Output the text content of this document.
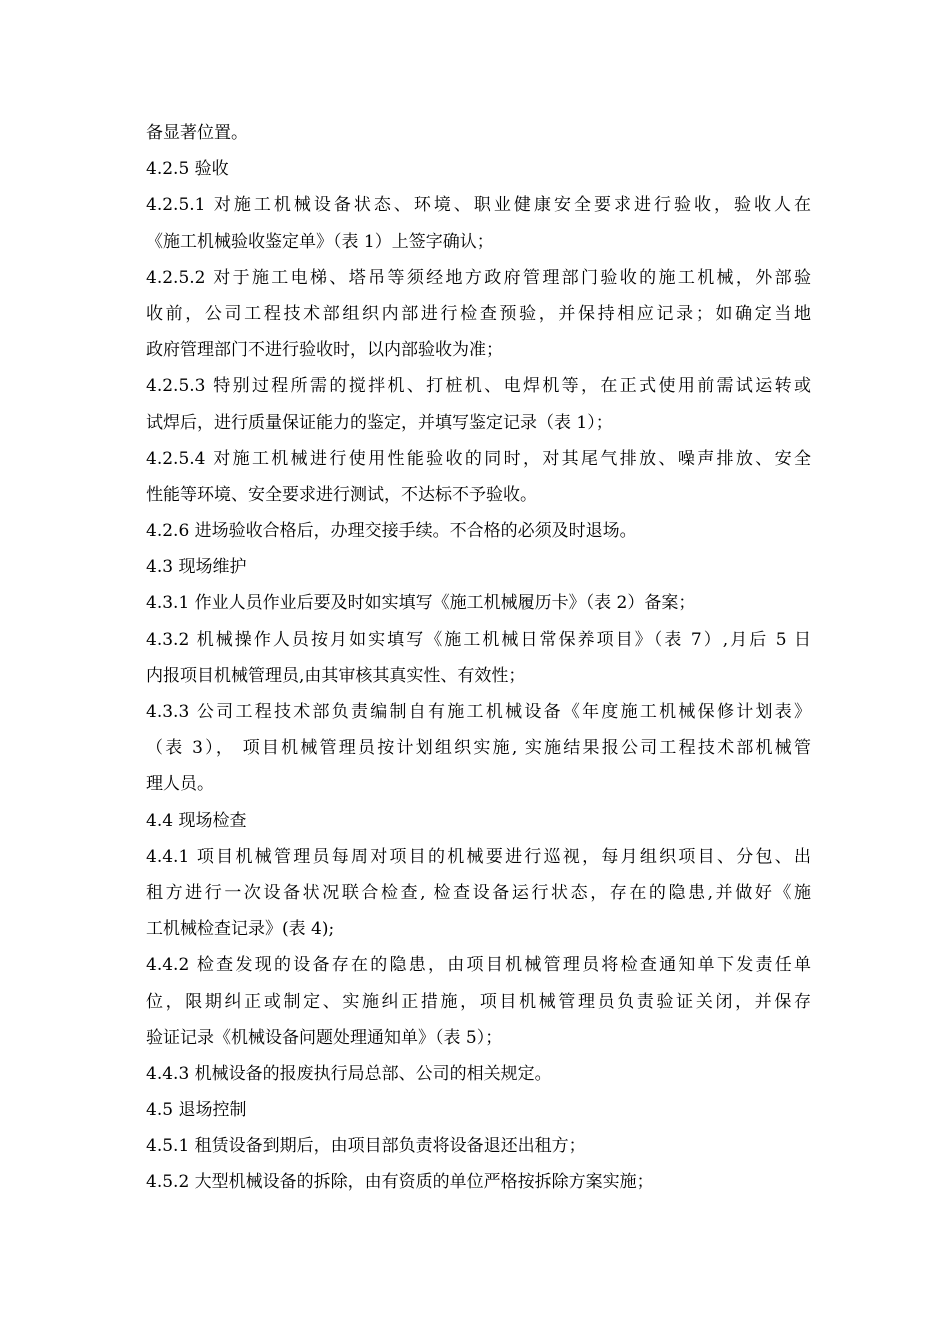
备显著位置。
4.2.5 验收
4.2.5.1 对施工机械设备状态、环境、职业健康安全要求进行验收，验收人在
《施工机械验收鉴定单》（表 1）上签字确认；
4.2.5.2 对于施工电梯、塔吊等须经地方政府管理部门验收的施工机械，外部验
收前，公司工程技术部组织内部进行检查预验，并保持相应记录；如确定当地
政府管理部门不进行验收时，以内部验收为准；
4.2.5.3 特别过程所需的搅拌机、打桩机、电焊机等，在正式使用前需试运转或
试焊后，进行质量保证能力的鉴定，并填写鉴定记录（表 1）；
4.2.5.4 对施工机械进行使用性能验收的同时，对其尾气排放、噪声排放、安全
性能等环境、安全要求进行测试，不达标不予验收。
4.2.6 进场验收合格后，办理交接手续。不合格的必须及时退场。
4.3 现场维护
4.3.1 作业人员作业后要及时如实填写《施工机械履历卡》（表 2）备案；
4.3.2 机械操作人员按月如实填写《施工机械日常保养项目》（表 7）,月后 5 日
内报项目机械管理员,由其审核其真实性、有效性；
4.3.3 公司工程技术部负责编制自有施工机械设备《年度施工机械保修计划表》
（表 3）， 项目机械管理员按计划组织实施, 实施结果报公司工程技术部机械管
理人员。
4.4 现场检查
4.4.1 项目机械管理员每周对项目的机械要进行巡视，每月组织项目、分包、出
租方进行一次设备状况联合检查, 检查设备运行状态，存在的隐患,并做好《施
工机械检查记录》(表 4);
4.4.2 检查发现的设备存在的隐患，由项目机械管理员将检查通知单下发责任单
位，限期纠正或制定、实施纠正措施，项目机械管理员负责验证关闭，并保存
验证记录《机械设备问题处理通知单》（表 5）；
4.4.3 机械设备的报废执行局总部、公司的相关规定。
4.5 退场控制
4.5.1 租赁设备到期后，由项目部负责将设备退还出租方；
4.5.2 大型机械设备的拆除，由有资质的单位严格按拆除方案实施；
